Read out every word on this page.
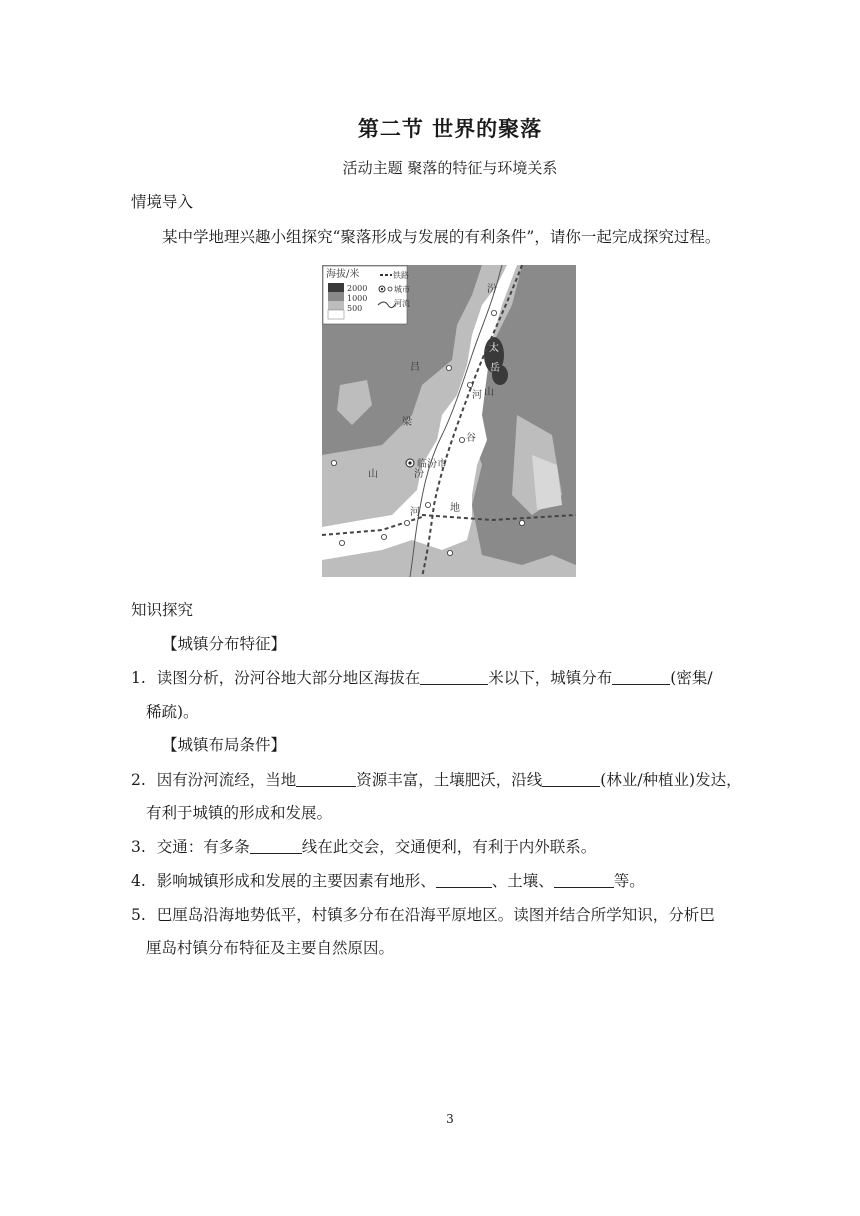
第二节 世界的聚落
活动主题 聚落的特征与环境关系
情境导入
某中学地理兴趣小组探究“聚落形成与发展的有利条件”，请你一起完成探究过程。
海拔/米
2000
1000
500
铁路
城市
河流
汾
太
岳
山
河
吕
梁
山
谷
临汾市
汾
河	地
知识探究
【城镇分布特征】
1. 读图分析，汾河谷地大部分地区海拔在	米以下，城镇分布	(密集/
稀疏)。
【城镇布局条件】
2. 因有汾河流经，当地	资源丰富，土壤肥沃，沿线	(林业/种植业)发达，
有利于城镇的形成和发展。
3. 交通：有多条	线在此交会，交通便利，有利于内外联系。
4. 影响城镇形成和发展的主要因素有地形、	、土壤、	等。
5. 巴厘岛沿海地势低平，村镇多分布在沿海平原地区。读图并结合所学知识，分析巴
厘岛村镇分布特征及主要自然原因。
3
